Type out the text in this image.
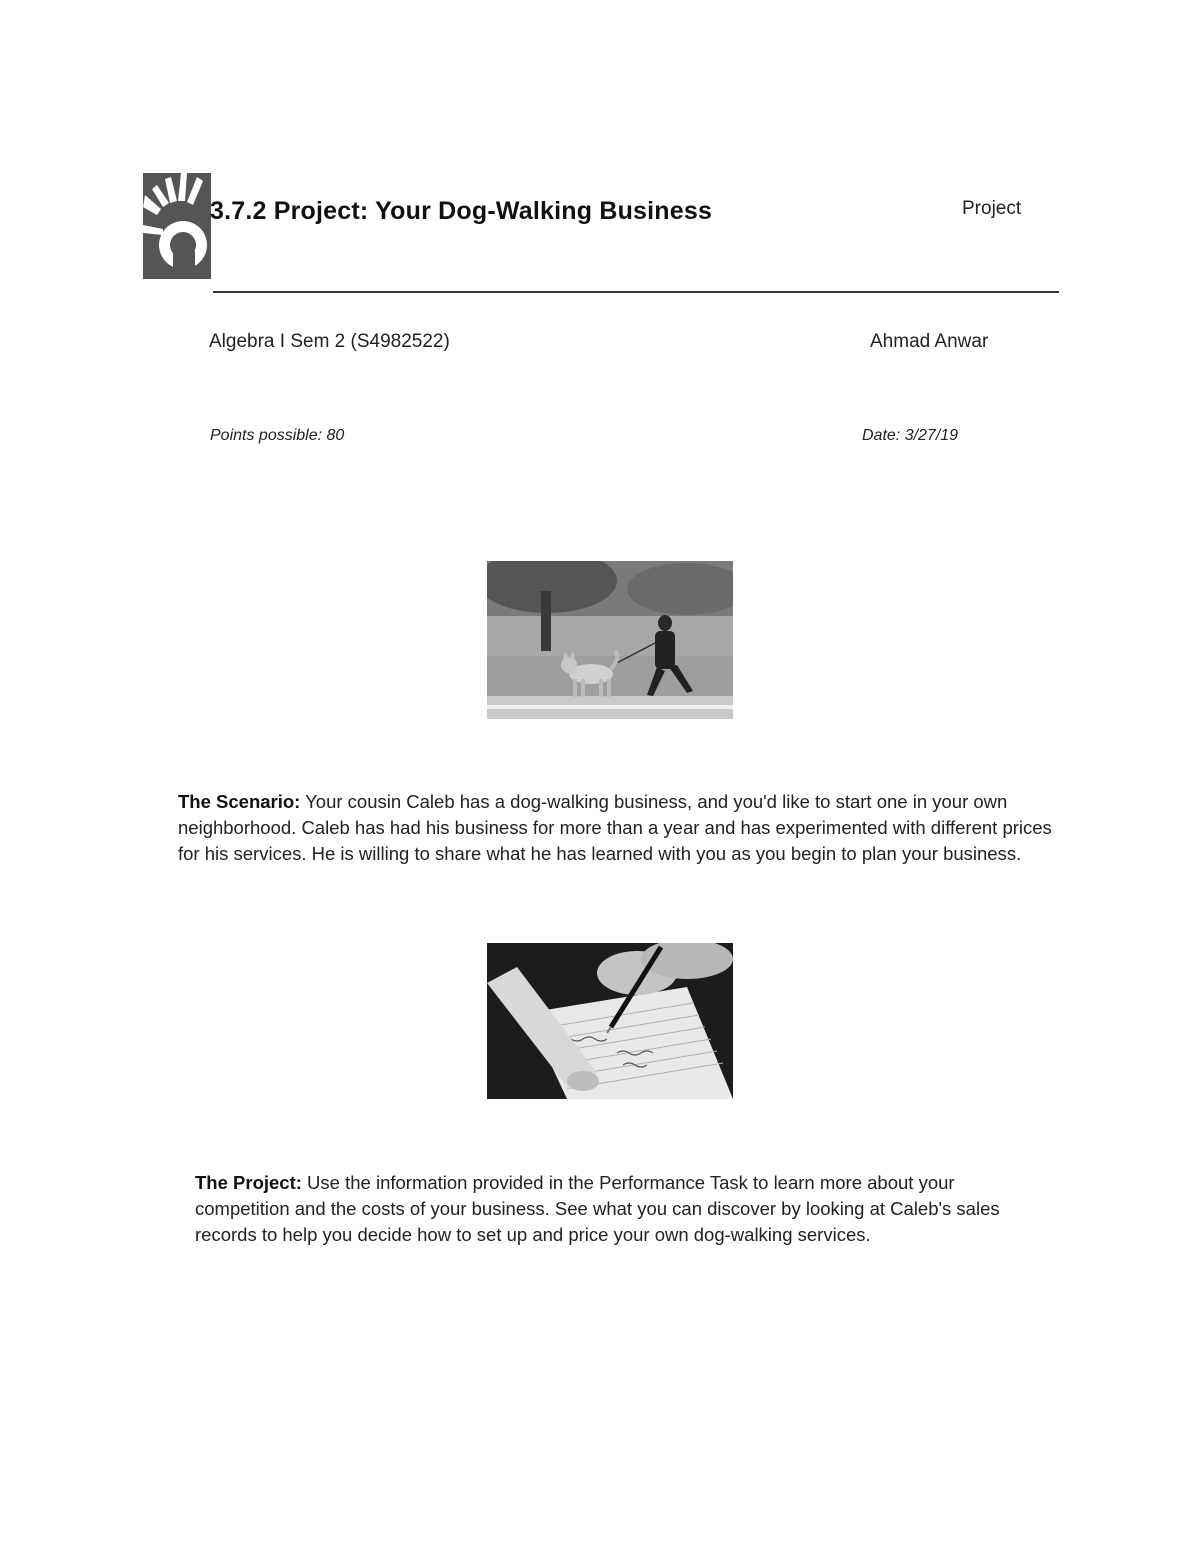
3.7.2 Project: Your Dog-Walking Business	Project
Algebra I Sem 2 (S4982522)	Ahmad Anwar
Points possible: 80	Date: 3/27/19
The Scenario: Your cousin Caleb has a dog-walking business, and you'd like to start one in your own neighborhood. Caleb has had his business for more than a year and has experimented with different prices for his services. He is willing to share what he has learned with you as you begin to plan your business.
The Project: Use the information provided in the Performance Task to learn more about your competition and the costs of your business. See what you can discover by looking at Caleb's sales records to help you decide how to set up and price your own dog-walking services.
